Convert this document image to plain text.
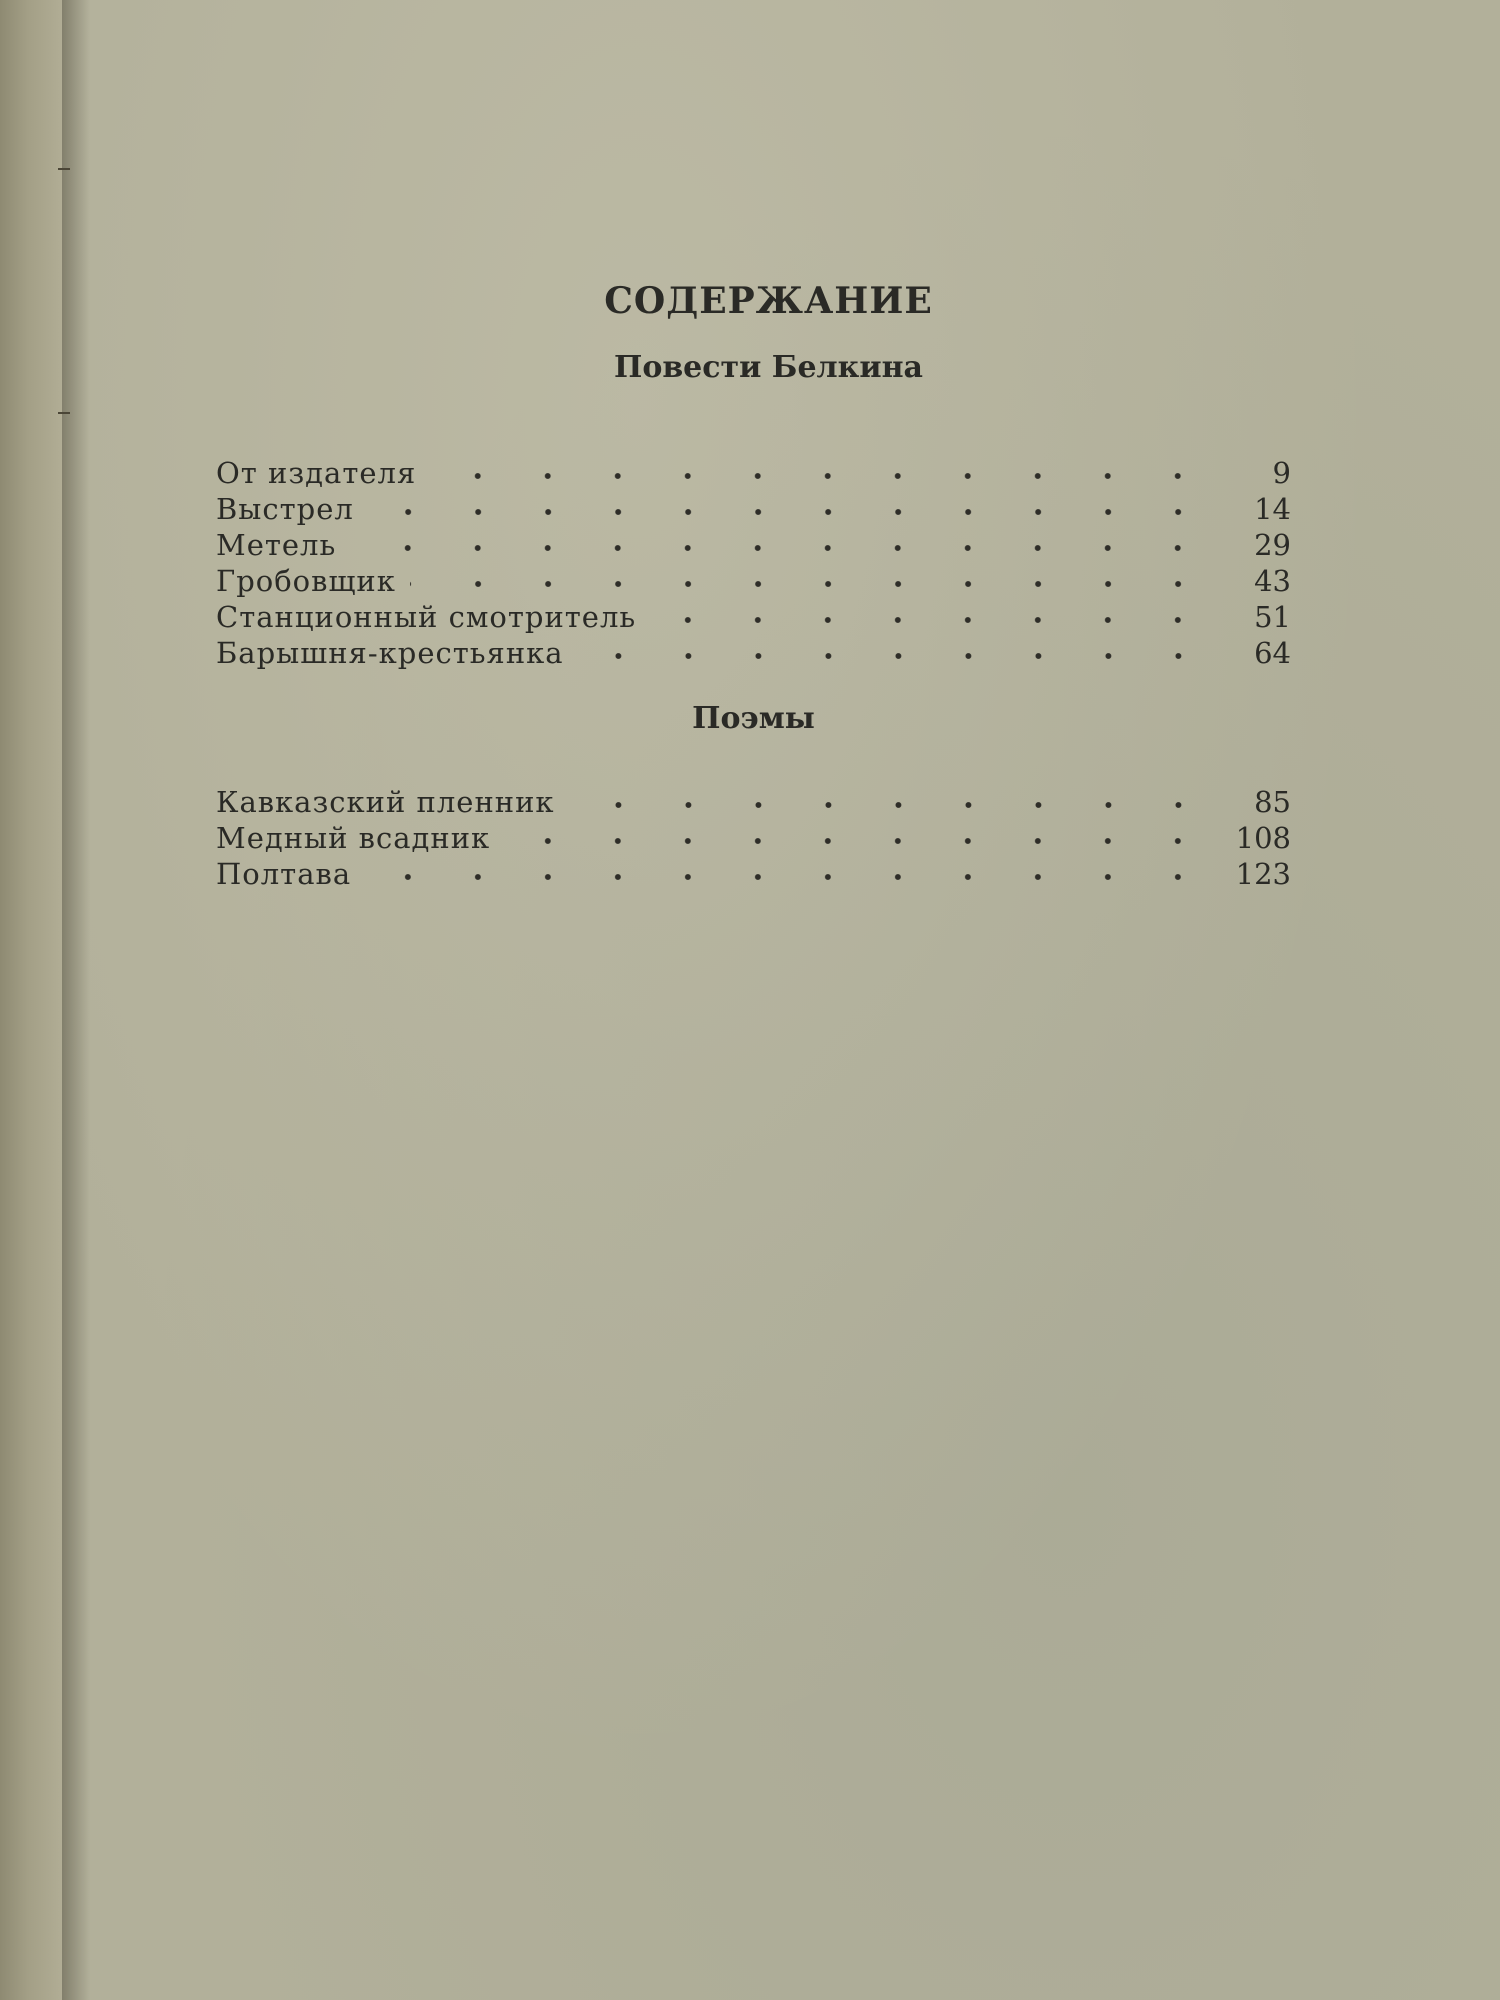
СОДЕРЖАНИЕ
Повести Белкина
От издателя	9
Выстрел	14
Метель	29
Гробовщик	43
Станционный смотритель	51
Барышня-крестьянка	64
Поэмы
Кавказский пленник	85
Медный всадник	108
Полтава	123
